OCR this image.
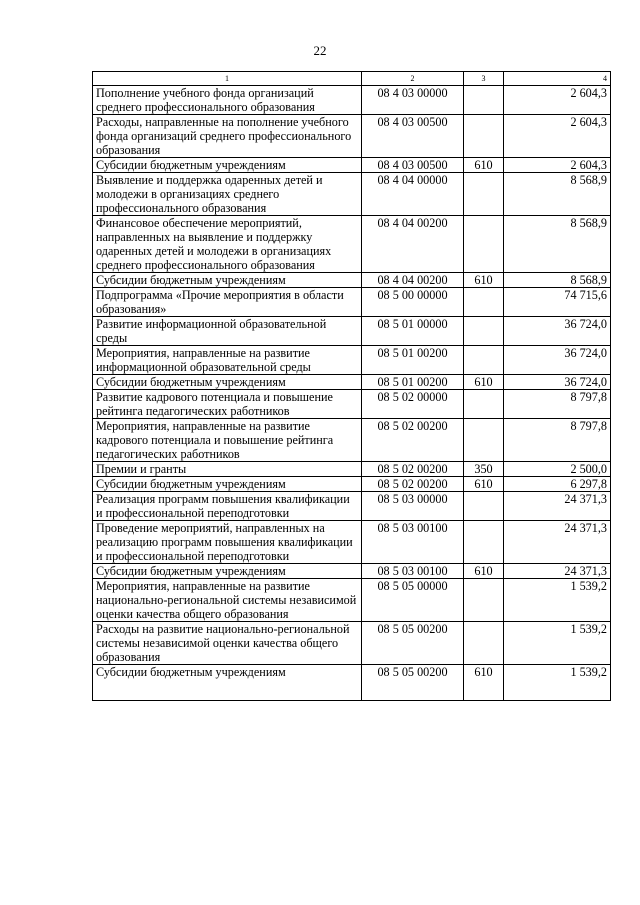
22
1	2	3	4
Пополнение учебного фонда организаций среднего профессионального образования	08 4 03 00000		2 604,3
Расходы, направленные на пополнение учебного фонда организаций среднего профессионального образования	08 4 03 00500		2 604,3
Субсидии бюджетным учреждениям	08 4 03 00500	610	2 604,3
Выявление и поддержка одаренных детей и молодежи в организациях среднего профессионального образования	08 4 04 00000		8 568,9
Финансовое обеспечение мероприятий, направленных на выявление и поддержку одаренных детей и молодежи в организациях среднего профессионального образования	08 4 04 00200		8 568,9
Субсидии бюджетным учреждениям	08 4 04 00200	610	8 568,9
Подпрограмма «Прочие мероприятия в области образования»	08 5 00 00000		74 715,6
Развитие информационной образовательной среды	08 5 01 00000		36 724,0
Мероприятия, направленные на развитие информационной образовательной среды	08 5 01 00200		36 724,0
Субсидии бюджетным учреждениям	08 5 01 00200	610	36 724,0
Развитие кадрового потенциала и повышение рейтинга педагогических работников	08 5 02 00000		8 797,8
Мероприятия, направленные на развитие кадрового потенциала и повышение рейтинга педагогических работников	08 5 02 00200		8 797,8
Премии и гранты	08 5 02 00200	350	2 500,0
Субсидии бюджетным учреждениям	08 5 02 00200	610	6 297,8
Реализация программ повышения квалификации и профессиональной переподготовки	08 5 03 00000		24 371,3
Проведение мероприятий, направленных на реализацию программ повышения квалификации и профессиональной переподготовки	08 5 03 00100		24 371,3
Субсидии бюджетным учреждениям	08 5 03 00100	610	24 371,3
Мероприятия, направленные на развитие национально-региональной системы независимой оценки качества общего образования	08 5 05 00000		1 539,2
Расходы на развитие национально-региональной системы независимой оценки качества общего образования	08 5 05 00200		1 539,2
Субсидии бюджетным учреждениям	08 5 05 00200	610	1 539,2
